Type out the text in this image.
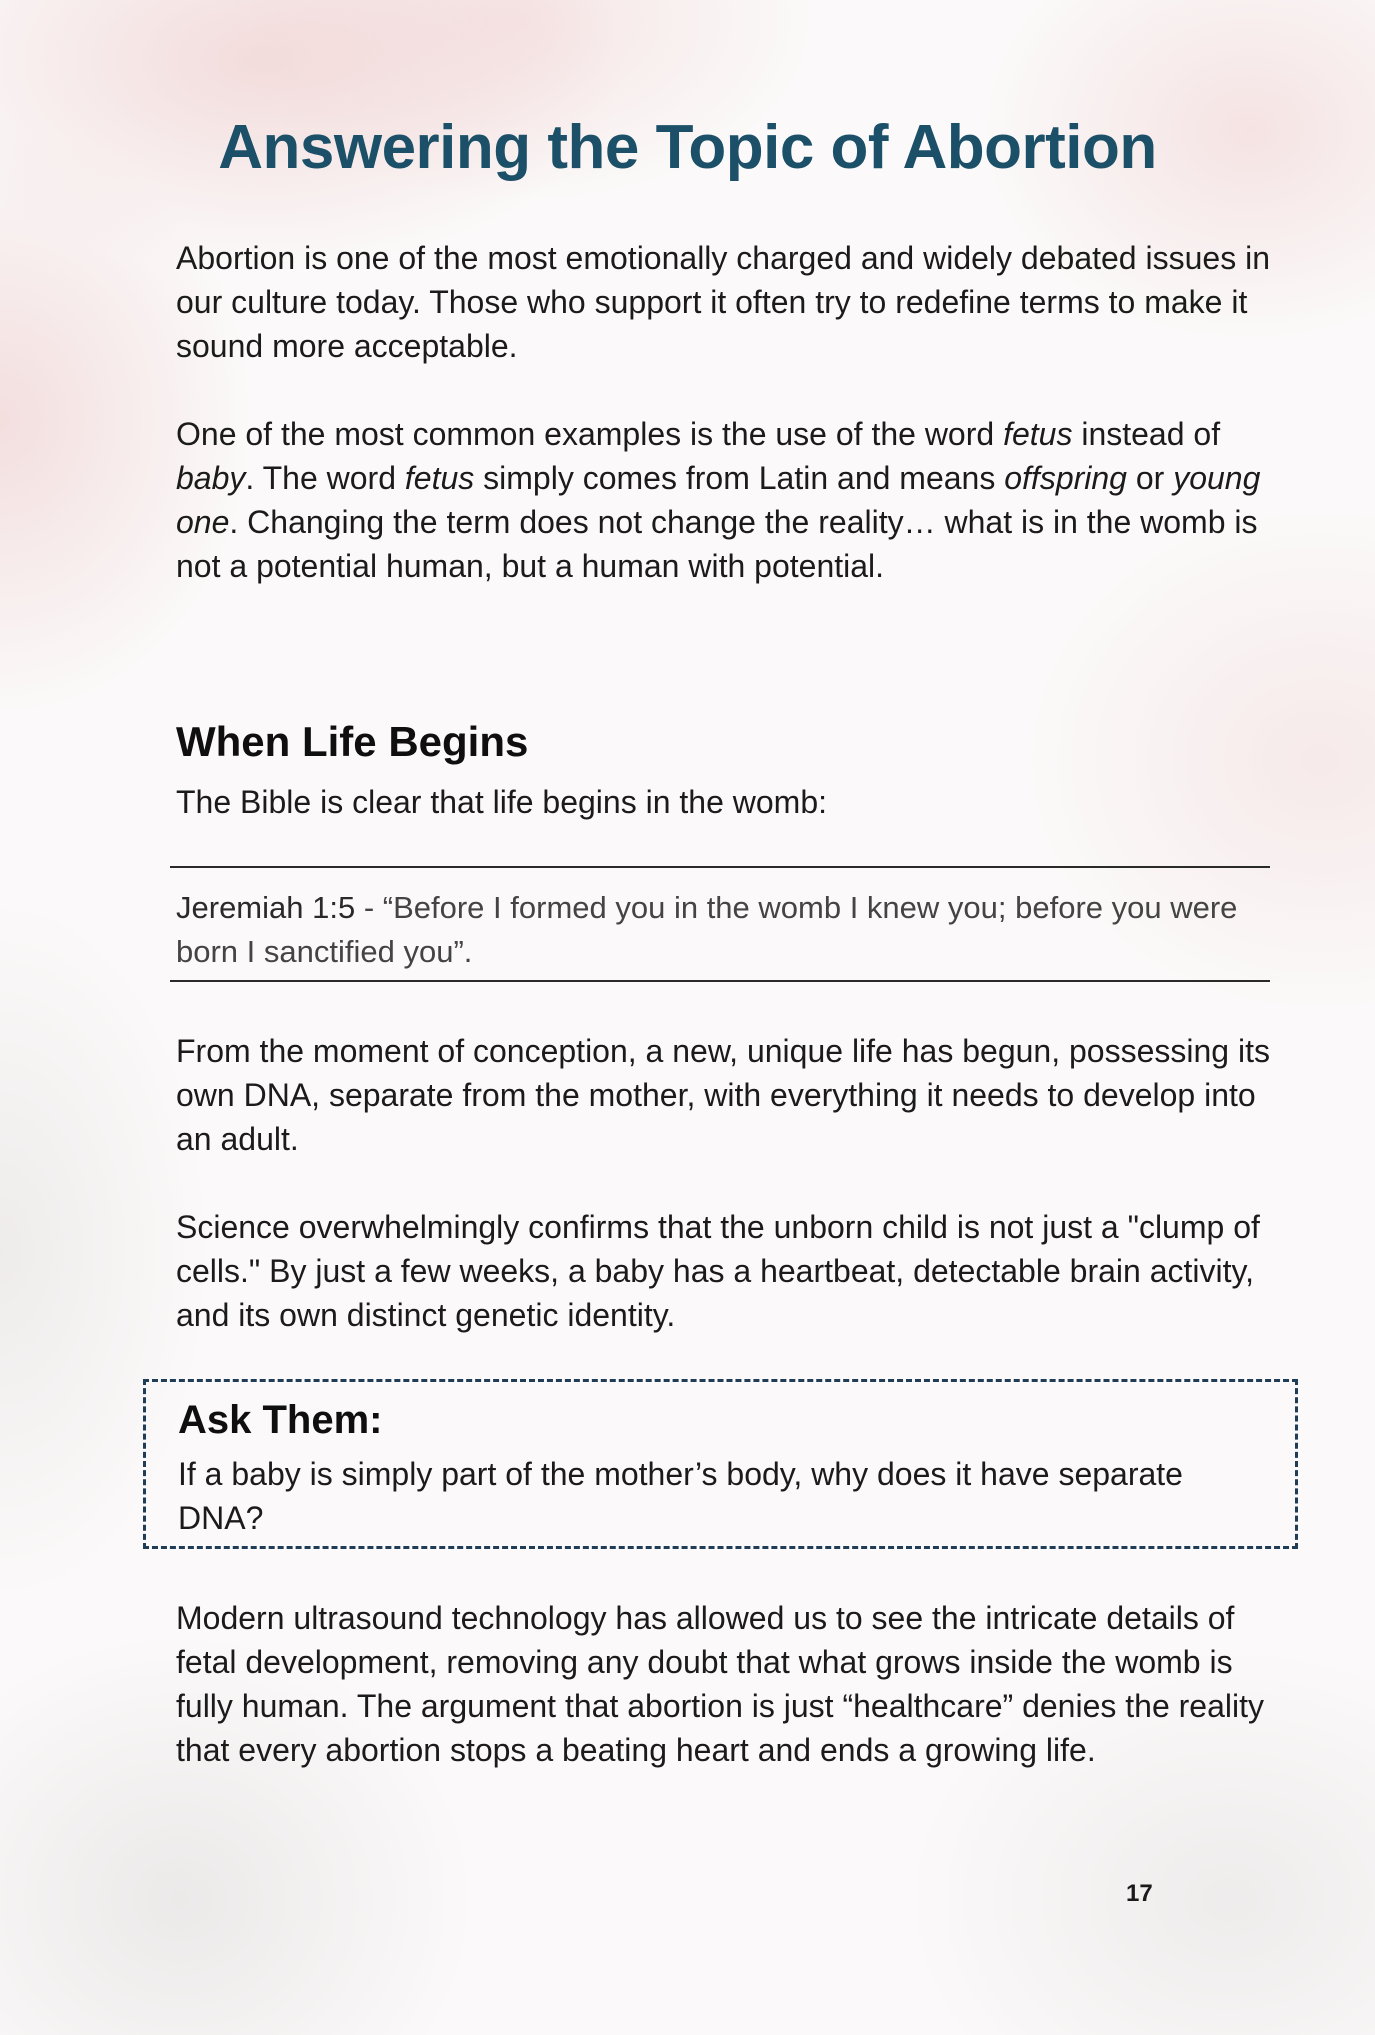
Answering the Topic of Abortion

Abortion is one of the most emotionally charged and widely debated issues in our culture today. Those who support it often try to redefine terms to make it sound more acceptable.

One of the most common examples is the use of the word fetus instead of baby. The word fetus simply comes from Latin and means offspring or young one. Changing the term does not change the reality… what is in the womb is not a potential human, but a human with potential.

When Life Begins

The Bible is clear that life begins in the womb:

Jeremiah 1:5 - “Before I formed you in the womb I knew you; before you were born I sanctified you”.

From the moment of conception, a new, unique life has begun, possessing its own DNA, separate from the mother, with everything it needs to develop into an adult.

Science overwhelmingly confirms that the unborn child is not just a "clump of cells." By just a few weeks, a baby has a heartbeat, detectable brain activity, and its own distinct genetic identity.

Ask Them:

If a baby is simply part of the mother’s body, why does it have separate DNA?

Modern ultrasound technology has allowed us to see the intricate details of fetal development, removing any doubt that what grows inside the womb is fully human. The argument that abortion is just “healthcare” denies the reality that every abortion stops a beating heart and ends a growing life.

17
